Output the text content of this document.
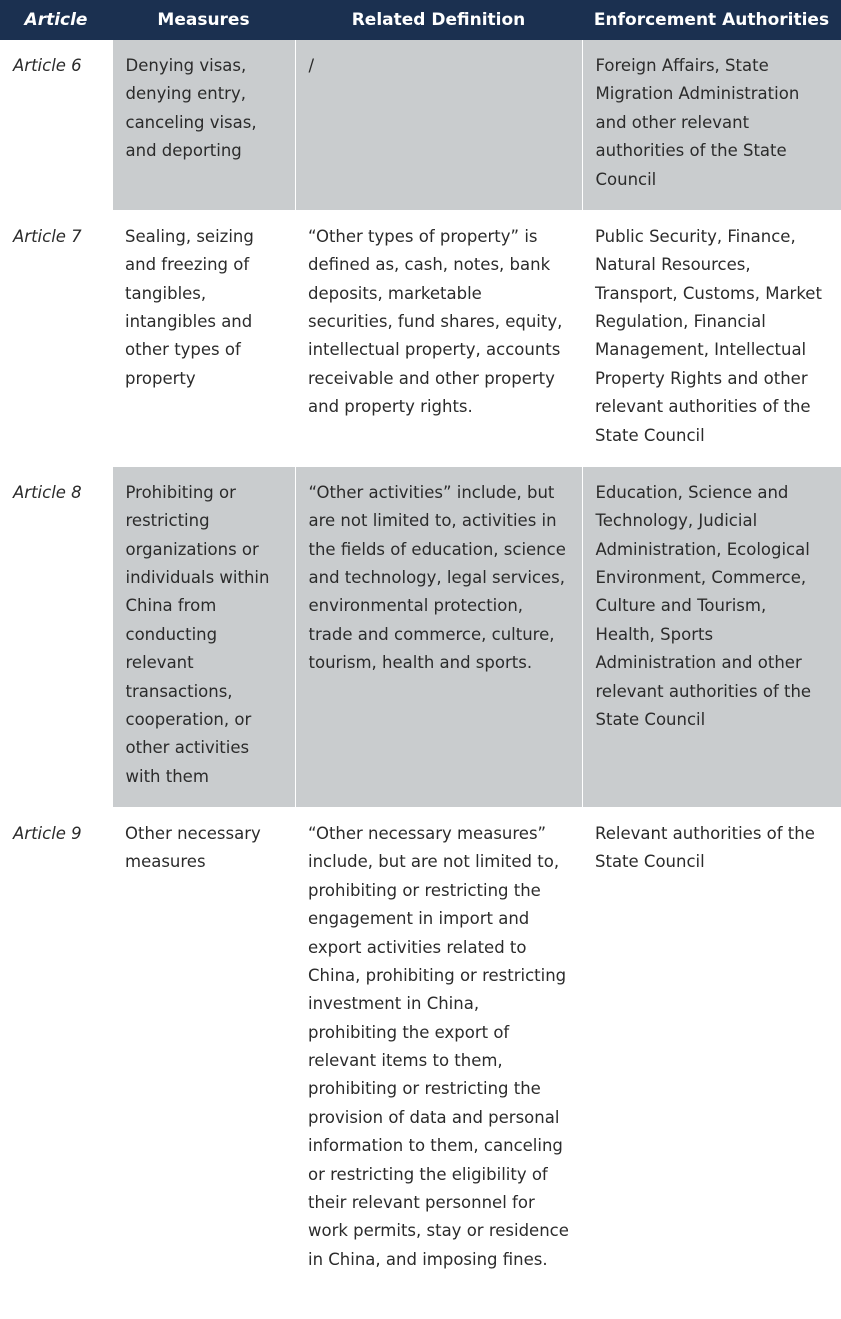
Article	Measures	Related Definition	Enforcement Authorities
Article 6	Denying visas, denying entry, canceling visas, and deporting	/	Foreign Affairs, State Migration Administration and other relevant authorities of the State Council
Article 7	Sealing, seizing and freezing of tangibles, intangibles and other types of property	“Other types of property” is defined as, cash, notes, bank deposits, marketable securities, fund shares, equity, intellectual property, accounts receivable and other property and property rights.	Public Security, Finance, Natural Resources, Transport, Customs, Market Regulation, Financial Management, Intellectual Property Rights and other relevant authorities of the State Council
Article 8	Prohibiting or restricting organizations or individuals within China from conducting relevant transactions, cooperation, or other activities with them	“Other activities” include, but are not limited to, activities in the fields of education, science and technology, legal services, environmental protection, trade and commerce, culture, tourism, health and sports.	Education, Science and Technology, Judicial Administration, Ecological Environment, Commerce, Culture and Tourism, Health, Sports Administration and other relevant authorities of the State Council
Article 9	Other necessary measures	“Other necessary measures” include, but are not limited to, prohibiting or restricting the engagement in import and export activities related to China, prohibiting or restricting investment in China, prohibiting the export of relevant items to them, prohibiting or restricting the provision of data and personal information to them, canceling or restricting the eligibility of their relevant personnel for work permits, stay or residence in China, and imposing fines.	Relevant authorities of the State Council
